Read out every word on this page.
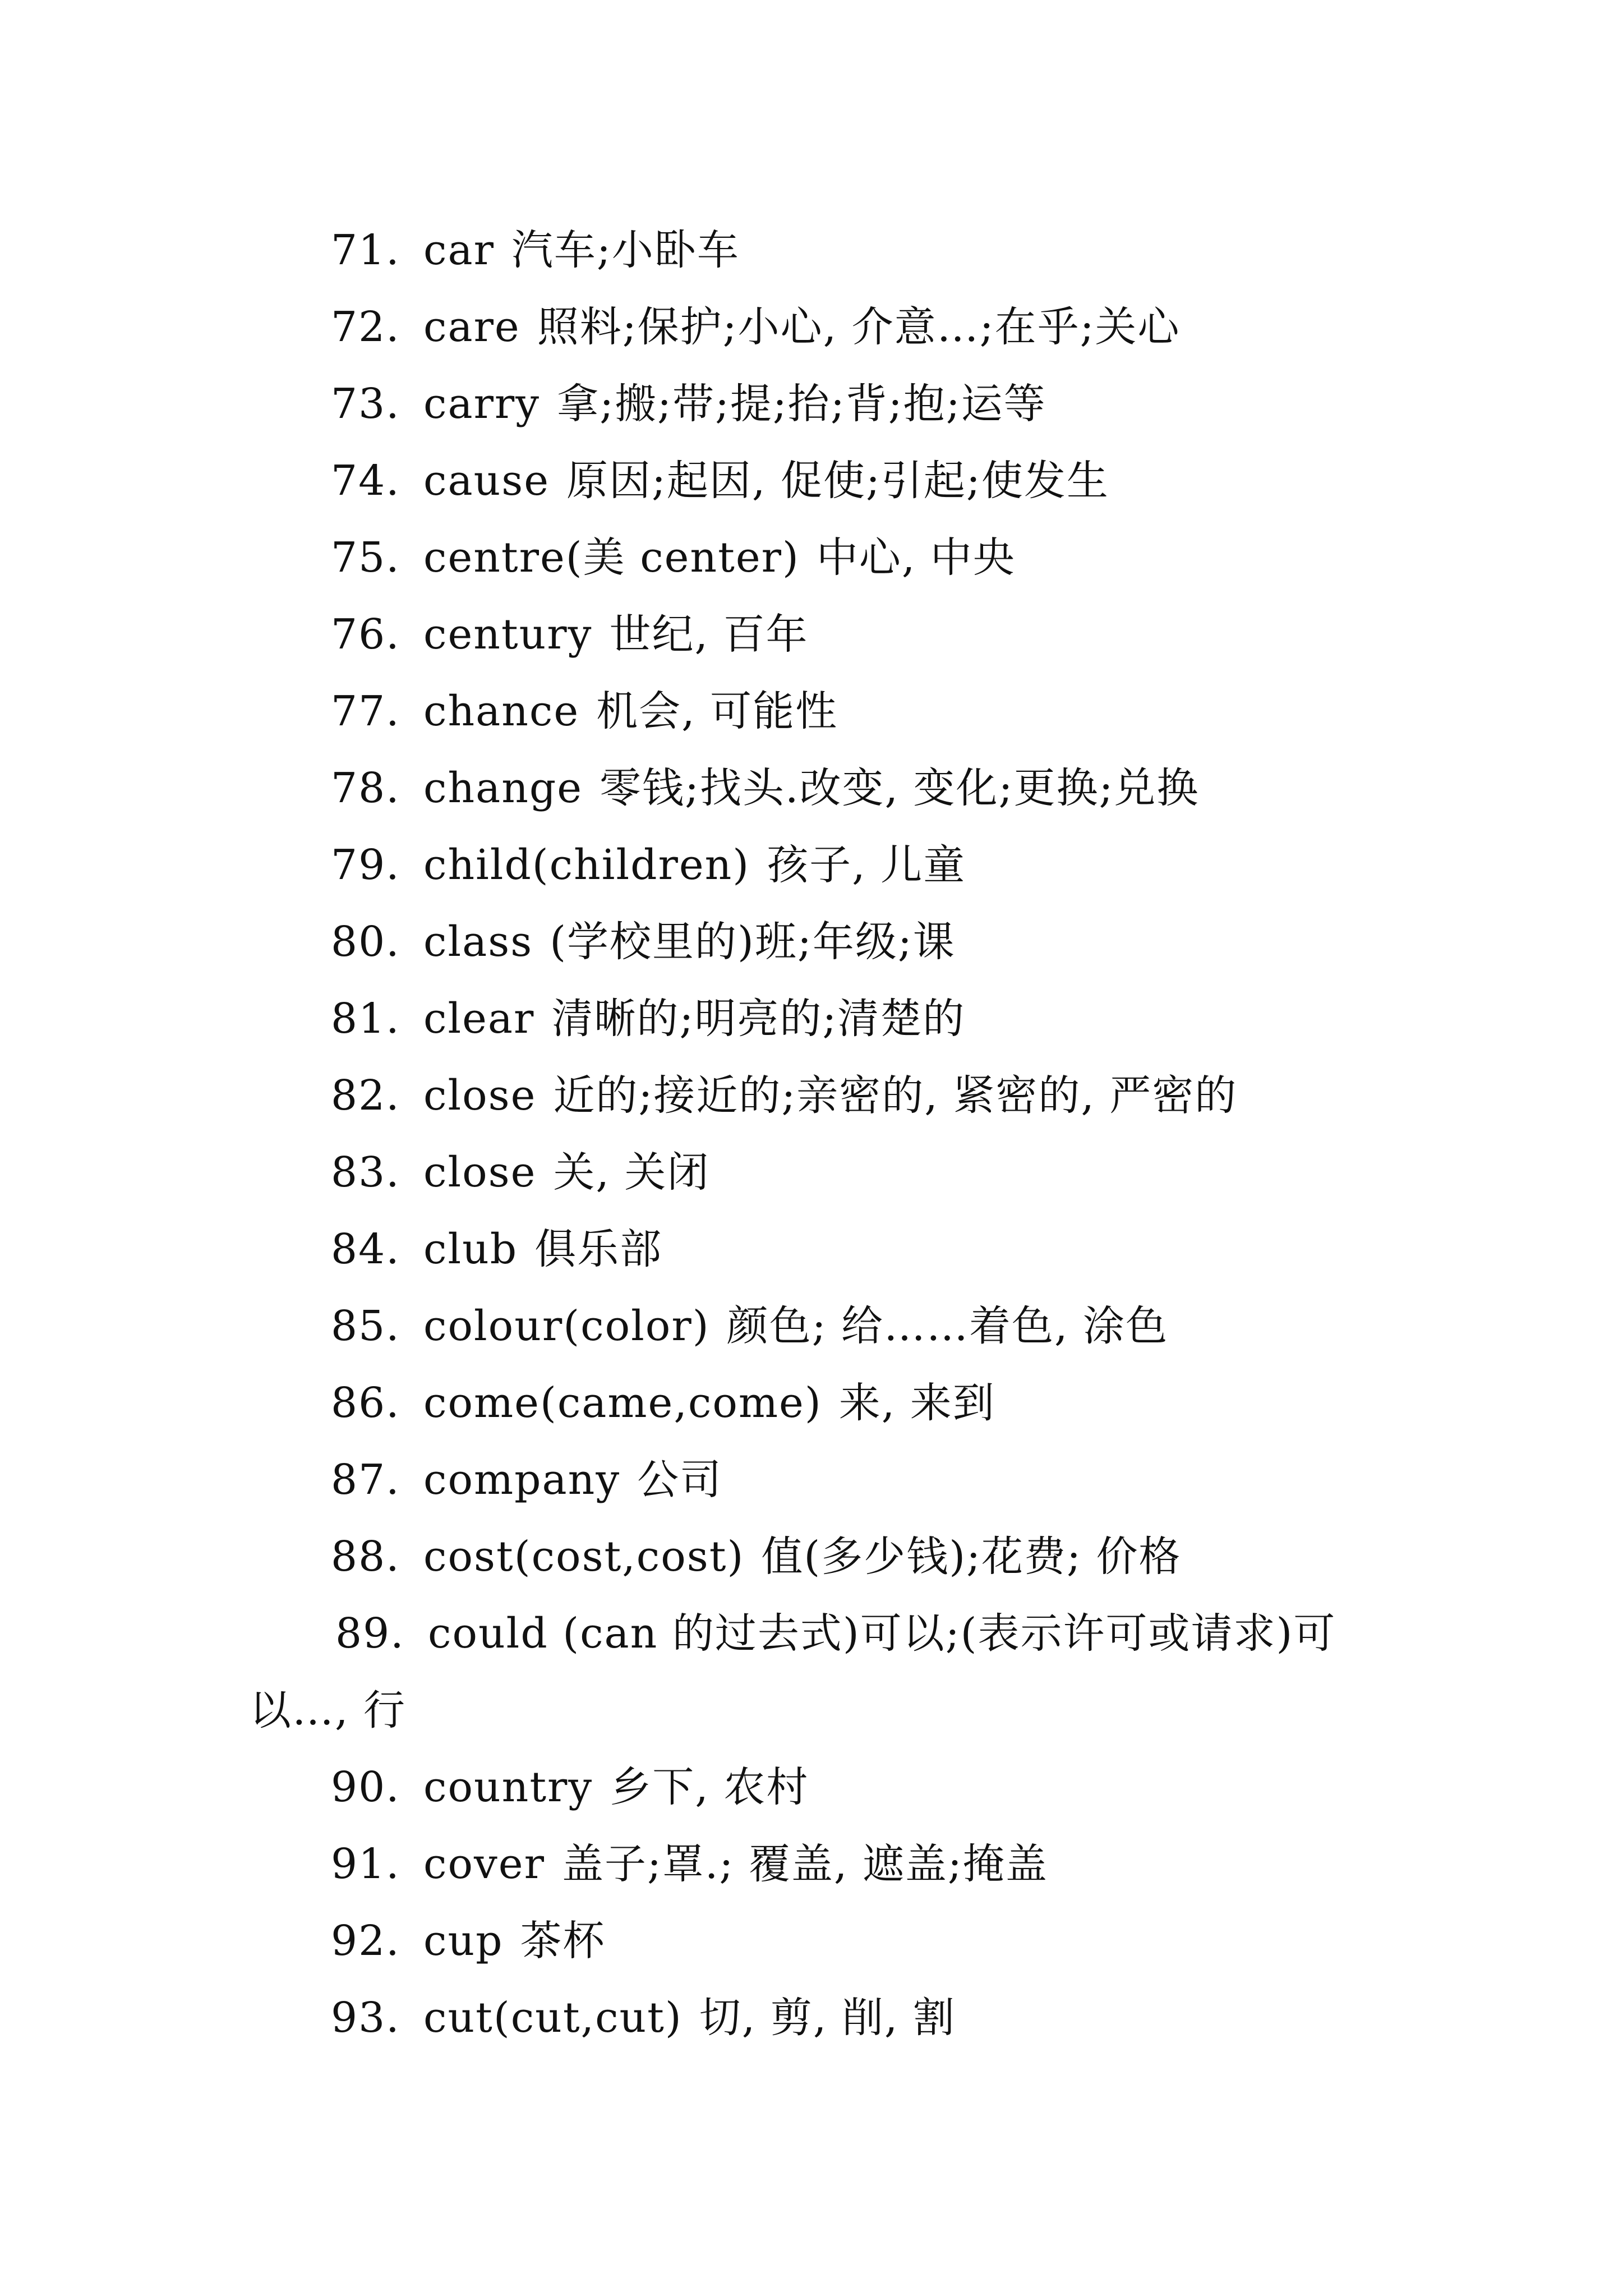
71. car 汽车;小卧车
72. care 照料;保护;小心, 介意…;在乎;关心
73. carry 拿;搬;带;提;抬;背;抱;运等
74. cause 原因;起因, 促使;引起;使发生
75. centre(美 center) 中心, 中央
76. century 世纪, 百年
77. chance 机会, 可能性
78. change 零钱;找头.改变, 变化;更换;兑换
79. child(children) 孩子, 儿童
80. class (学校里的)班;年级;课
81. clear 清晰的;明亮的;清楚的
82. close 近的;接近的;亲密的, 紧密的, 严密的
83. close 关, 关闭
84. club 俱乐部
85. colour(color) 颜色; 给……着色, 涂色
86. come(came,come) 来, 来到
87. company 公司
88. cost(cost,cost) 值(多少钱);花费; 价格
89. could (can 的过去式)可以;(表示许可或请求)可
以…, 行
90. country 乡下, 农村
91. cover 盖子;罩.; 覆盖, 遮盖;掩盖
92. cup 茶杯
93. cut(cut,cut) 切, 剪, 削, 割
